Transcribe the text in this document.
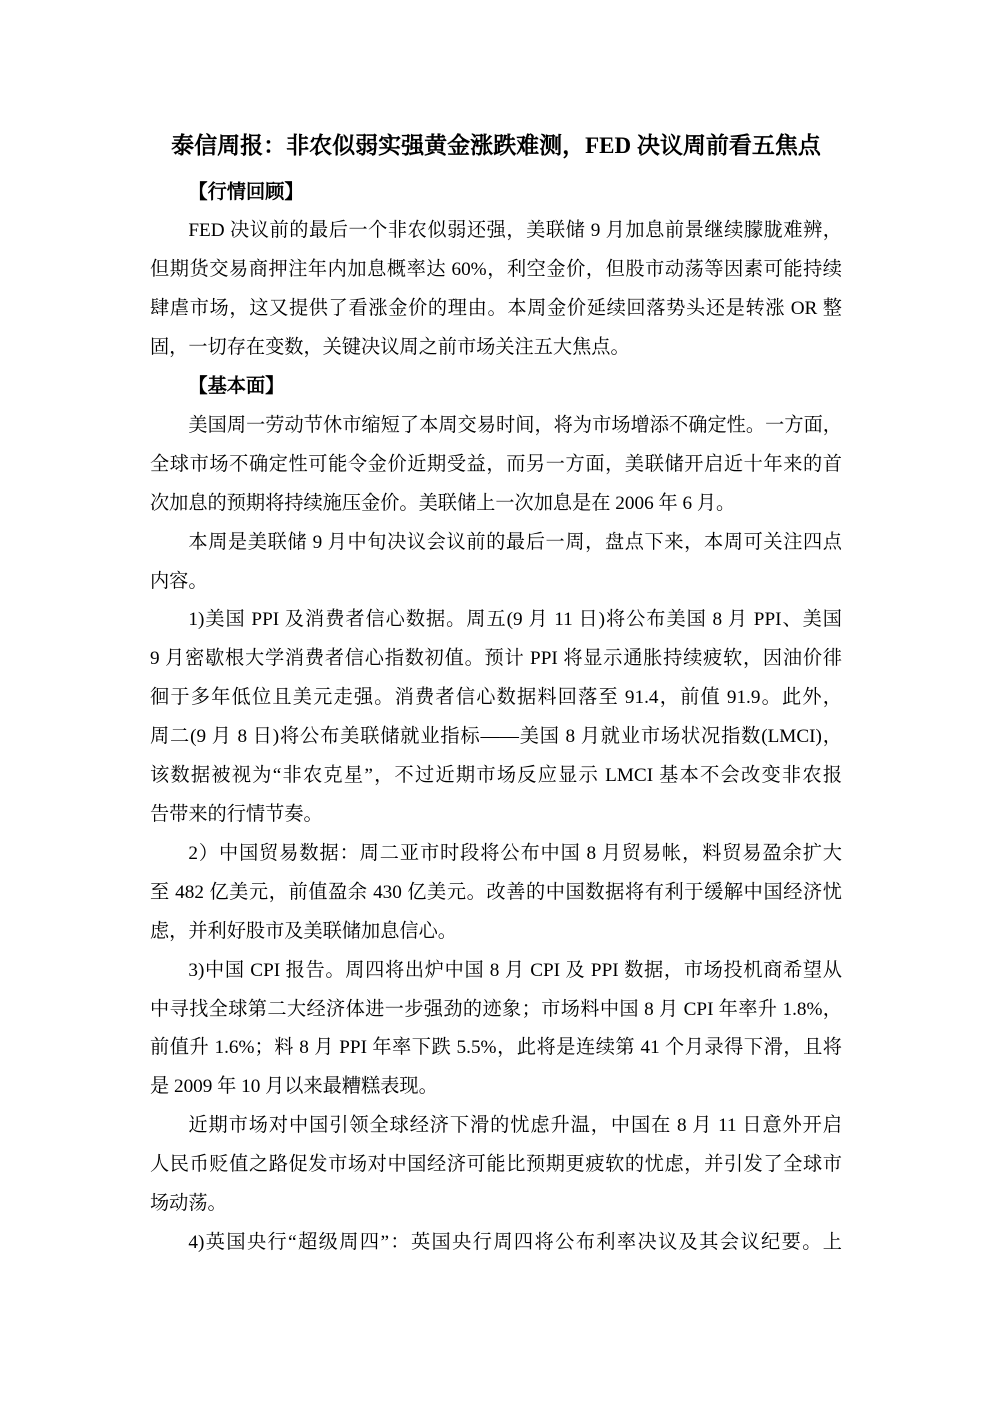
泰信周报：非农似弱实强黄金涨跌难测，FED 决议周前看五焦点
【行情回顾】
FED 决议前的最后一个非农似弱还强，美联储 9 月加息前景继续朦胧难辨，
但期货交易商押注年内加息概率达 60%，利空金价，但股市动荡等因素可能持续
肆虐市场，这又提供了看涨金价的理由。本周金价延续回落势头还是转涨 OR 整
固，一切存在变数，关键决议周之前市场关注五大焦点。
【基本面】
美国周一劳动节休市缩短了本周交易时间，将为市场增添不确定性。一方面，
全球市场不确定性可能令金价近期受益，而另一方面，美联储开启近十年来的首
次加息的预期将持续施压金价。美联储上一次加息是在 2006 年 6 月。
本周是美联储 9 月中旬决议会议前的最后一周，盘点下来，本周可关注四点
内容。
1)美国 PPI 及消费者信心数据。周五(9 月 11 日)将公布美国 8 月 PPI、美国
9 月密歇根大学消费者信心指数初值。预计 PPI 将显示通胀持续疲软，因油价徘
徊于多年低位且美元走强。消费者信心数据料回落至 91.4，前值 91.9。此外，
周二(9 月 8 日)将公布美联储就业指标——美国 8 月就业市场状况指数(LMCI)，
该数据被视为“非农克星”，不过近期市场反应显示 LMCI 基本不会改变非农报
告带来的行情节奏。
2）中国贸易数据：周二亚市时段将公布中国 8 月贸易帐，料贸易盈余扩大
至 482 亿美元，前值盈余 430 亿美元。改善的中国数据将有利于缓解中国经济忧
虑，并利好股市及美联储加息信心。
3)中国 CPI 报告。周四将出炉中国 8 月 CPI 及 PPI 数据，市场投机商希望从
中寻找全球第二大经济体进一步强劲的迹象；市场料中国 8 月 CPI 年率升 1.8%，
前值升 1.6%；料 8 月 PPI 年率下跌 5.5%，此将是连续第 41 个月录得下滑，且将
是 2009 年 10 月以来最糟糕表现。
近期市场对中国引领全球经济下滑的忧虑升温，中国在 8 月 11 日意外开启
人民币贬值之路促发市场对中国经济可能比预期更疲软的忧虑，并引发了全球市
场动荡。
4)英国央行“超级周四”：英国央行周四将公布利率决议及其会议纪要。上
